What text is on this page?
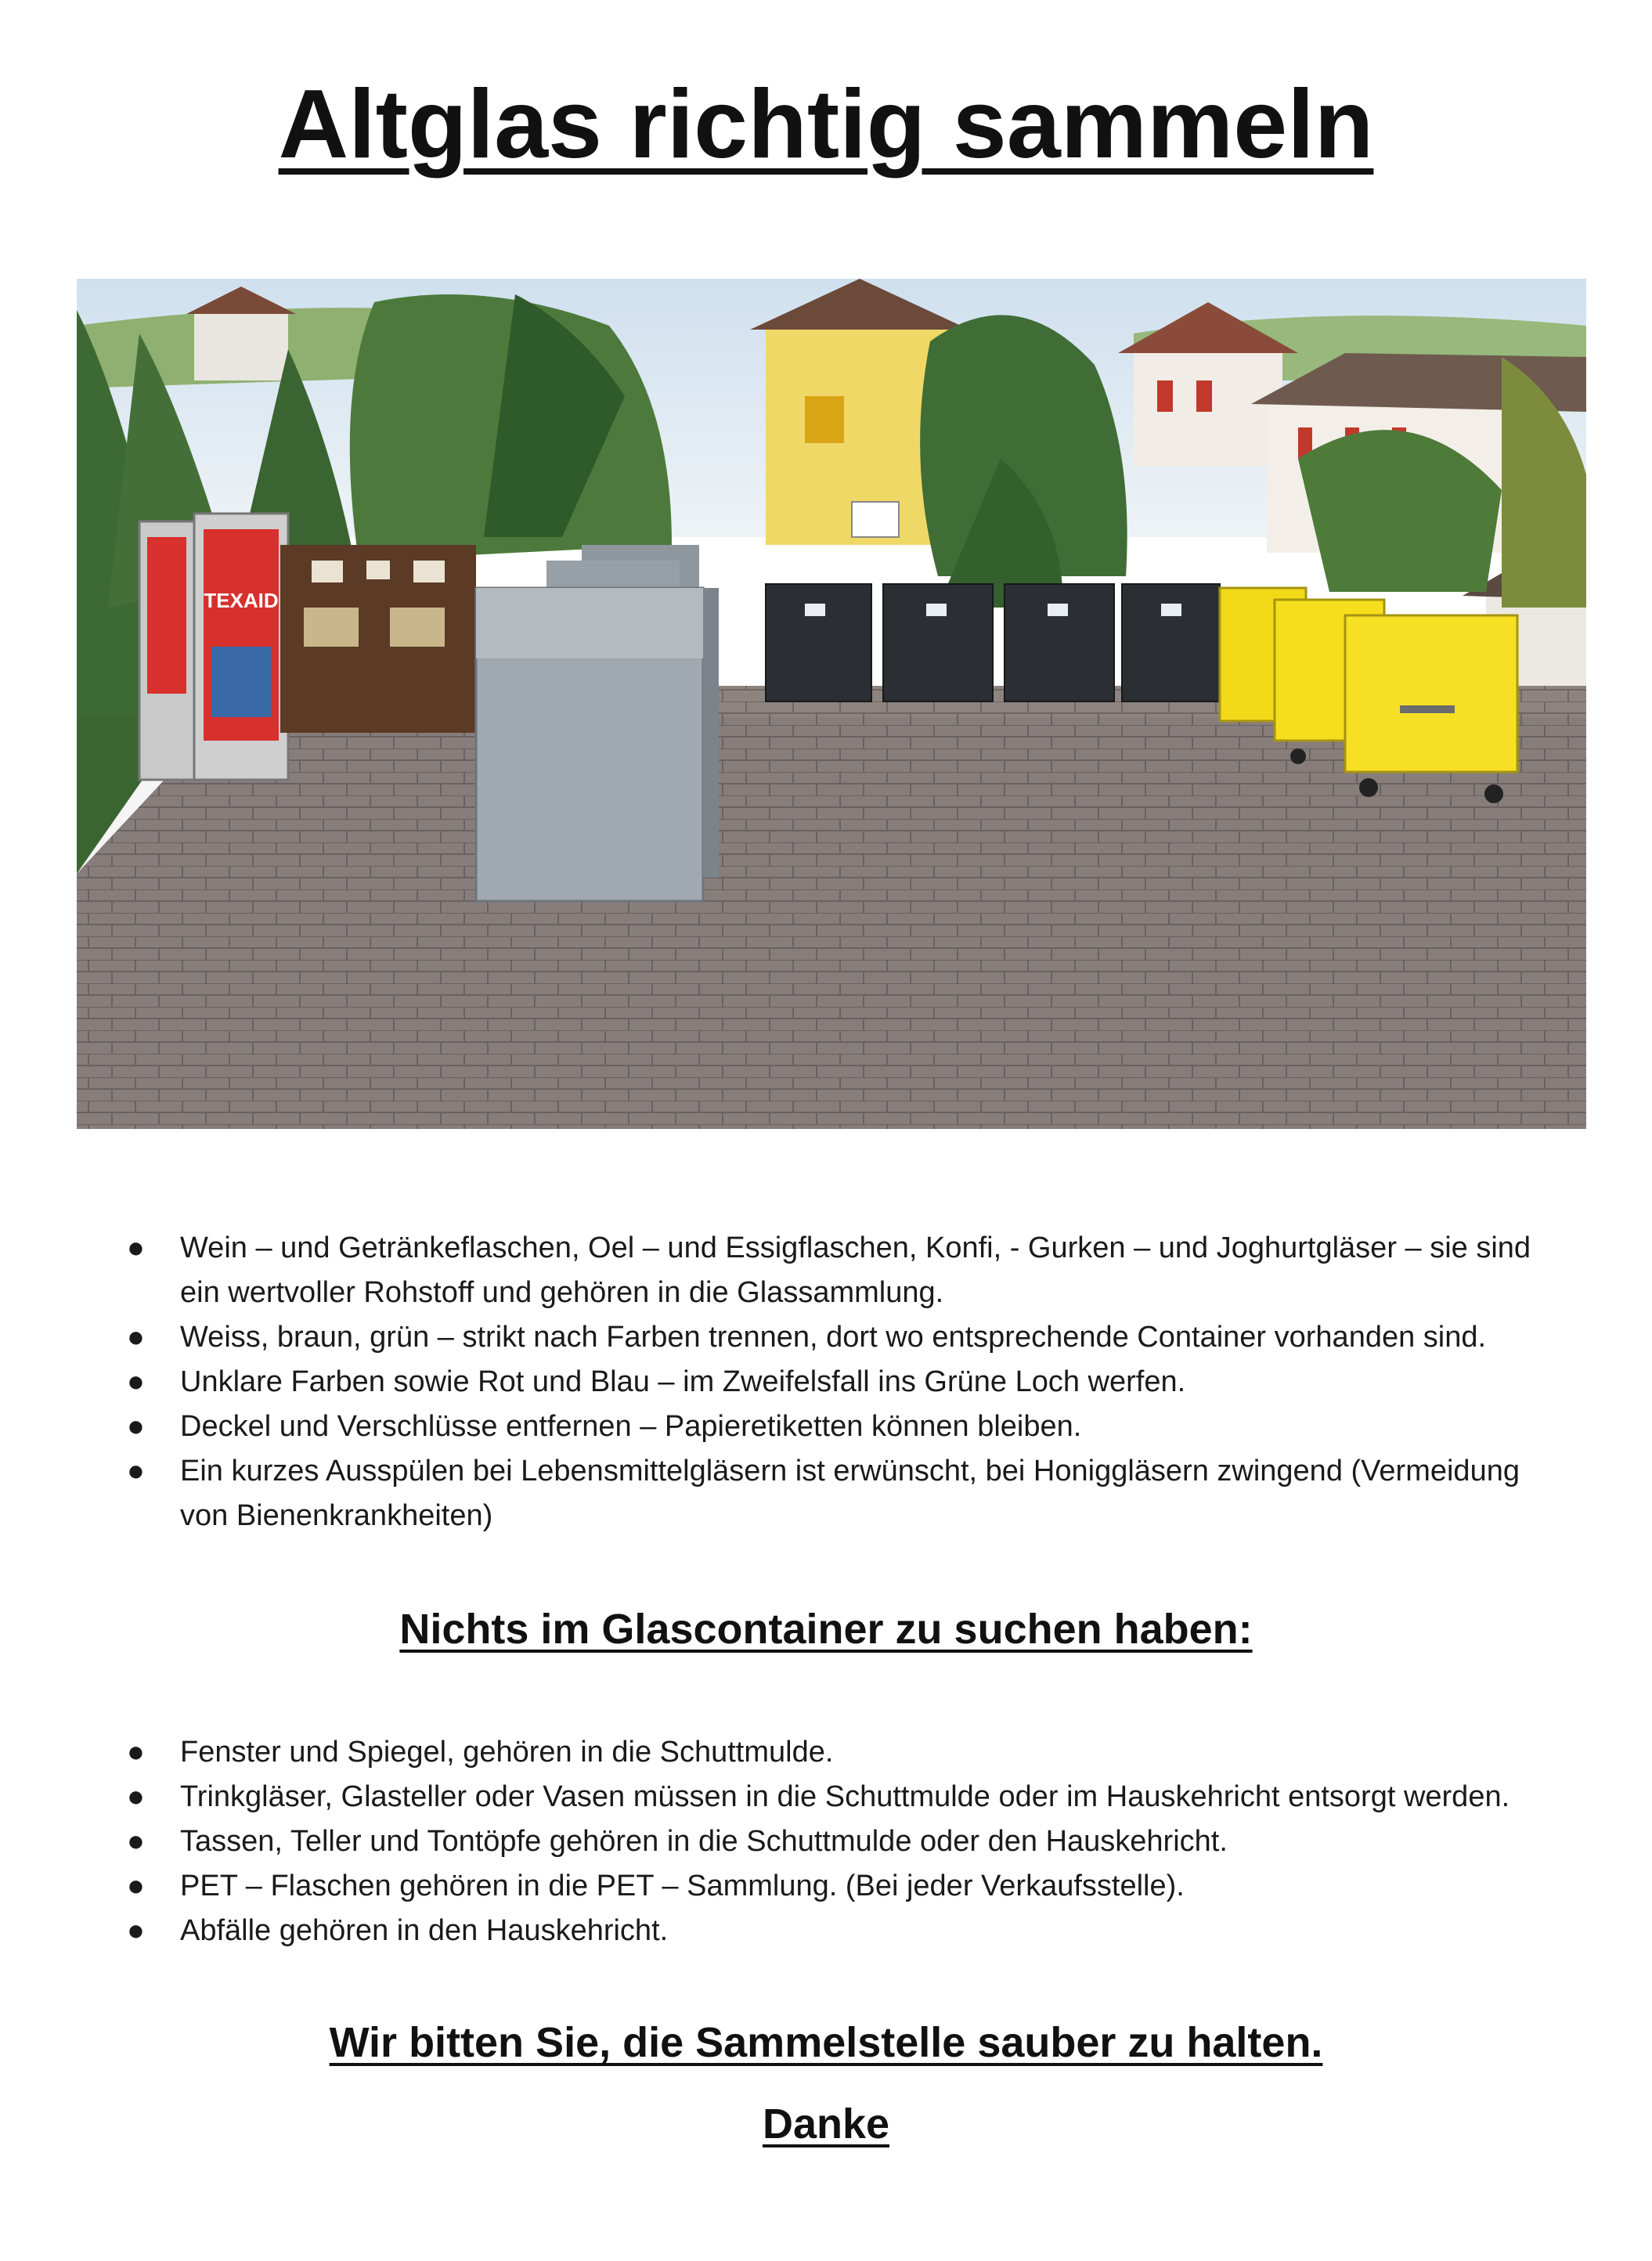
Altglas richtig sammeln
TEXAID
● Wein – und Getränkeflaschen, Oel – und Essigflaschen, Konfi, - Gurken – und Joghurtgläser – sie sind ein wertvoller Rohstoff und gehören in die Glassammlung.
● Weiss, braun, grün – strikt nach Farben trennen, dort wo entsprechende Container vorhanden sind.
● Unklare Farben sowie Rot und Blau – im Zweifelsfall ins Grüne Loch werfen.
● Deckel und Verschlüsse entfernen – Papieretiketten können bleiben.
● Ein kurzes Ausspülen bei Lebensmittelgläsern ist erwünscht, bei Honiggläsern zwingend (Vermeidung von Bienenkrankheiten)
Nichts im Glascontainer zu suchen haben:
● Fenster und Spiegel, gehören in die Schuttmulde.
● Trinkgläser, Glasteller oder Vasen müssen in die Schuttmulde oder im Hauskehricht entsorgt werden.
● Tassen, Teller und Tontöpfe gehören in die Schuttmulde oder den Hauskehricht.
● PET – Flaschen gehören in die PET – Sammlung. (Bei jeder Verkaufsstelle).
● Abfälle gehören in den Hauskehricht.

Wir bitten Sie, die Sammelstelle sauber zu halten.

Danke
